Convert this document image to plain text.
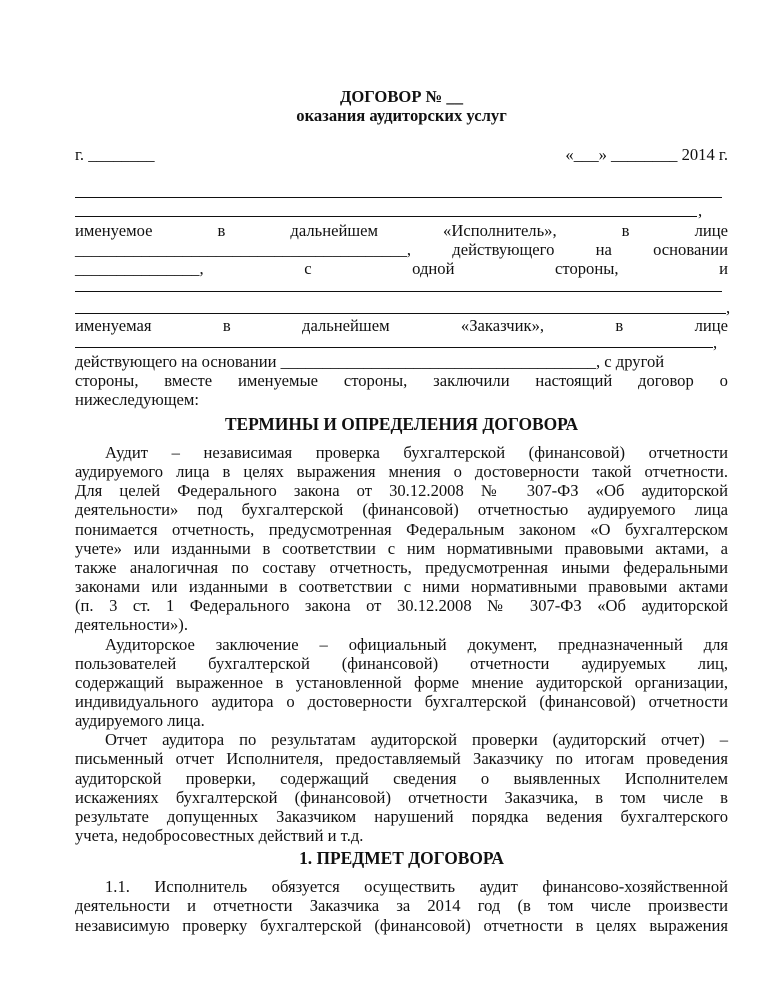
ДОГОВОР № __
оказания аудиторских услуг
г. ________	«___» ________ 2014 г.
,
именуемое	в	дальнейшем	«Исполнитель»,	в	лице
________________________________________, действующего на основании
_______________,	с	одной	стороны,	и
,
именуемая	в	дальнейшем	«Заказчик»,	в	лице
,
действующего на основании ______________________________________, с другой
стороны, вместе именуемые стороны, заключили настоящий договор о
нижеследующем:
ТЕРМИНЫ И ОПРЕДЕЛЕНИЯ ДОГОВОРА
Аудит – независимая проверка бухгалтерской (финансовой) отчетности
аудируемого лица в целях выражения мнения о достоверности такой отчетности.
Для целей Федерального закона от 30.12.2008 № 307-ФЗ «Об аудиторской
деятельности» под бухгалтерской (финансовой) отчетностью аудируемого лица
понимается отчетность, предусмотренная Федеральным законом «О бухгалтерском
учете» или изданными в соответствии с ним нормативными правовыми актами, а
также аналогичная по составу отчетность, предусмотренная иными федеральными
законами или изданными в соответствии с ними нормативными правовыми актами
(п. 3 ст. 1 Федерального закона от 30.12.2008 № 307-ФЗ «Об аудиторской
деятельности»).
Аудиторское заключение – официальный документ, предназначенный для
пользователей бухгалтерской (финансовой) отчетности аудируемых лиц,
содержащий выраженное в установленной форме мнение аудиторской организации,
индивидуального аудитора о достоверности бухгалтерской (финансовой) отчетности
аудируемого лица.
Отчет аудитора по результатам аудиторской проверки (аудиторский отчет) –
письменный отчет Исполнителя, предоставляемый Заказчику по итогам проведения
аудиторской проверки, содержащий сведения о выявленных Исполнителем
искажениях бухгалтерской (финансовой) отчетности Заказчика, в том числе в
результате допущенных Заказчиком нарушений порядка ведения бухгалтерского
учета, недобросовестных действий и т.д.
1. ПРЕДМЕТ ДОГОВОРА
1.1. Исполнитель обязуется осуществить аудит финансово-хозяйственной
деятельности и отчетности Заказчика за 2014 год (в том числе произвести
независимую проверку бухгалтерской (финансовой) отчетности в целях выражения
